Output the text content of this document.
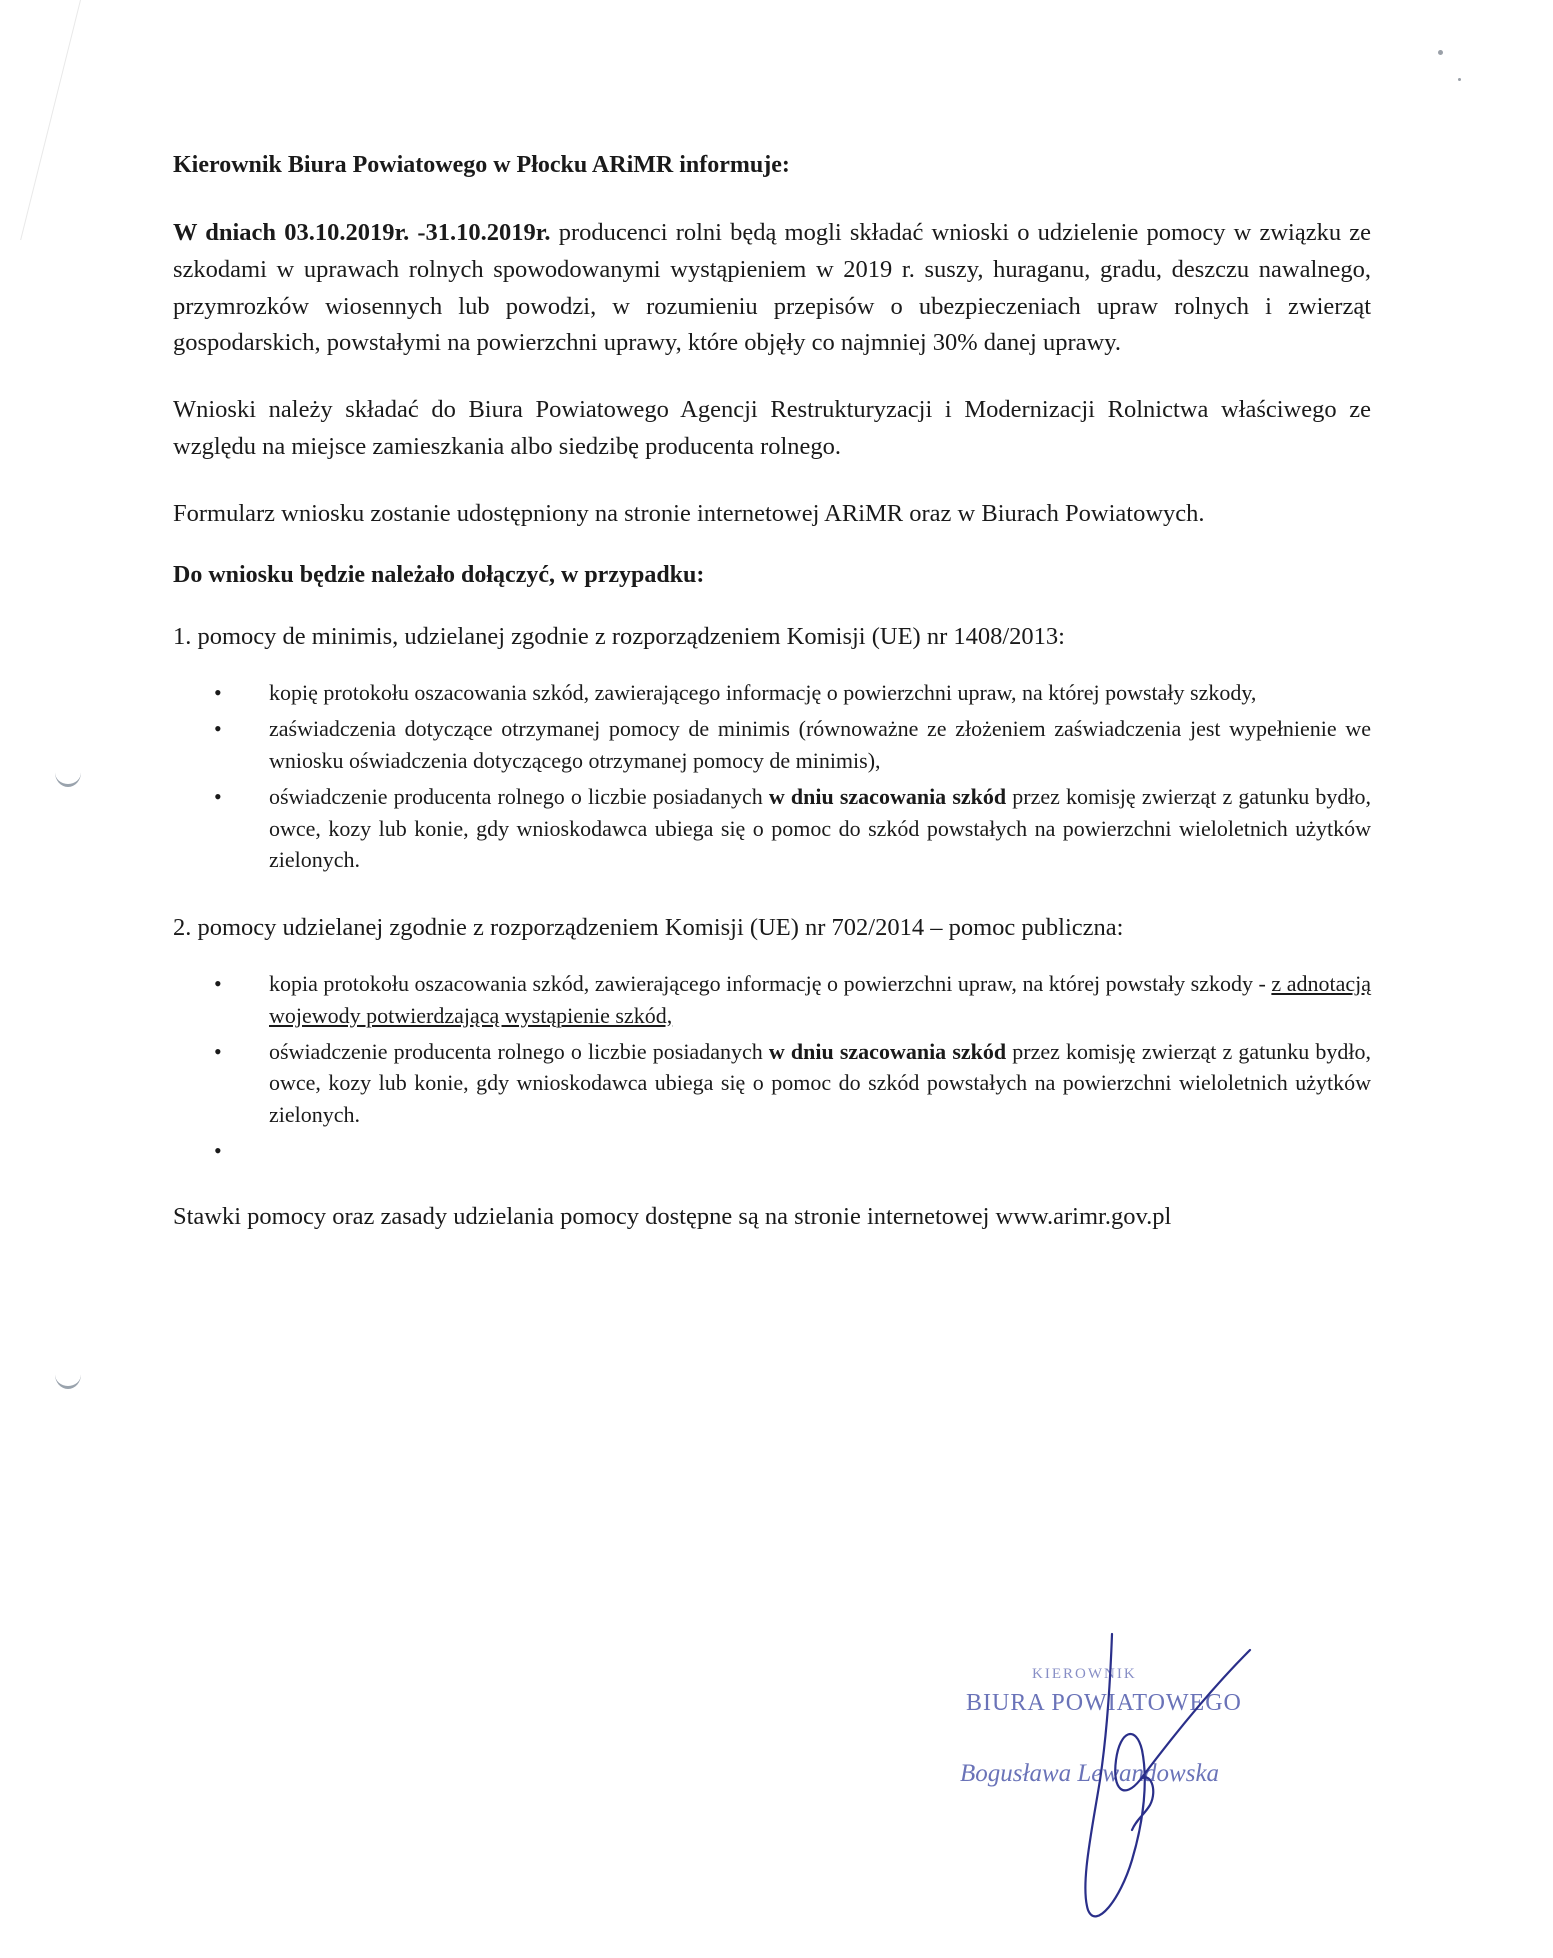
Kierownik Biura Powiatowego w Płocku ARiMR informuje:

W dniach 03.10.2019r. -31.10.2019r. producenci rolni będą mogli składać wnioski o udzielenie pomocy w związku ze szkodami w uprawach rolnych spowodowanymi wystąpieniem w 2019 r. suszy, huraganu, gradu, deszczu nawalnego, przymrozków wiosennych lub powodzi, w rozumieniu przepisów o ubezpieczeniach upraw rolnych i zwierząt gospodarskich, powstałymi na powierzchni uprawy, które objęły co najmniej 30% danej uprawy.

Wnioski należy składać do Biura Powiatowego Agencji Restrukturyzacji i Modernizacji Rolnictwa właściwego ze względu na miejsce zamieszkania albo siedzibę producenta rolnego.

Formularz wniosku zostanie udostępniony na stronie internetowej ARiMR oraz w Biurach Powiatowych.

Do wniosku będzie należało dołączyć, w przypadku:

1. pomocy de minimis, udzielanej zgodnie z rozporządzeniem Komisji (UE) nr 1408/2013:

• kopię protokołu oszacowania szkód, zawierającego informację o powierzchni upraw, na której powstały szkody,
• zaświadczenia dotyczące otrzymanej pomocy de minimis (równoważne ze złożeniem zaświadczenia jest wypełnienie we wniosku oświadczenia dotyczącego otrzymanej pomocy de minimis),
• oświadczenie producenta rolnego o liczbie posiadanych w dniu szacowania szkód przez komisję zwierząt z gatunku bydło, owce, kozy lub konie, gdy wnioskodawca ubiega się o pomoc do szkód powstałych na powierzchni wieloletnich użytków zielonych.

2. pomocy udzielanej zgodnie z rozporządzeniem Komisji (UE) nr 702/2014 – pomoc publiczna:

• kopia protokołu oszacowania szkód, zawierającego informację o powierzchni upraw, na której powstały szkody - z adnotacją wojewody potwierdzającą wystąpienie szkód,
• oświadczenie producenta rolnego o liczbie posiadanych w dniu szacowania szkód przez komisję zwierząt z gatunku bydło, owce, kozy lub konie, gdy wnioskodawca ubiega się o pomoc do szkód powstałych na powierzchni wieloletnich użytków zielonych.
•

Stawki pomocy oraz zasady udzielania pomocy dostępne są na stronie internetowej www.arimr.gov.pl

KIEROWNIK
BIURA POWIATOWEGO
Bogusława Lewandowska
